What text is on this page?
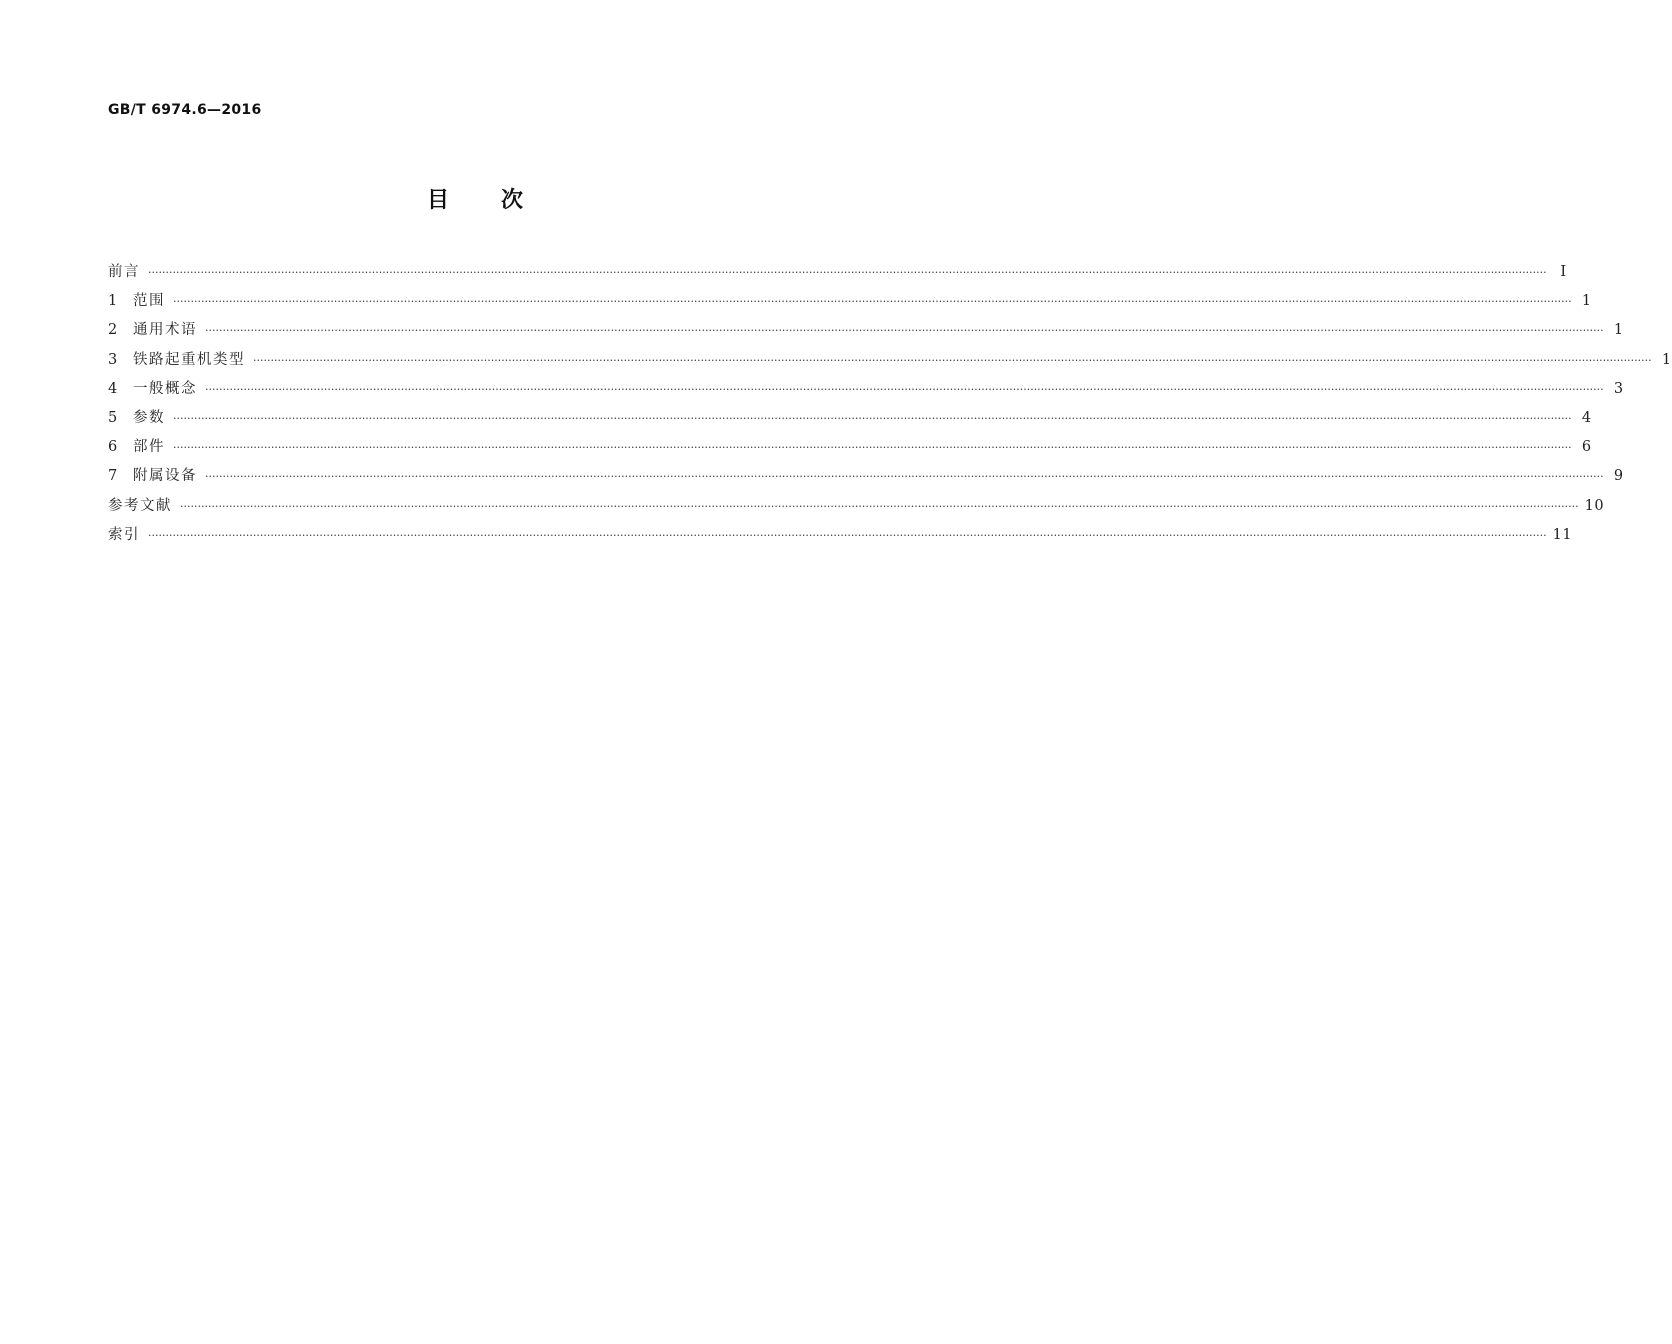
GB/T 6974.6—2016
目次
前言 ················································································································································································································································································································································································································ Ⅰ
1 范围 ················································································································································································································································································································································································································ 1
2 通用术语 ················································································································································································································································································································································································································ 1
3 铁路起重机类型 ················································································································································································································································································································································································································ 1
4 一般概念 ················································································································································································································································································································································································································ 3
5 参数 ················································································································································································································································································································································································································ 4
6 部件 ················································································································································································································································································································································································································ 6
7 附属设备 ················································································································································································································································································································································································································ 9
参考文献 ················································································································································································································································································································································································································ 10
索引 ················································································································································································································································································································································································································ 11
